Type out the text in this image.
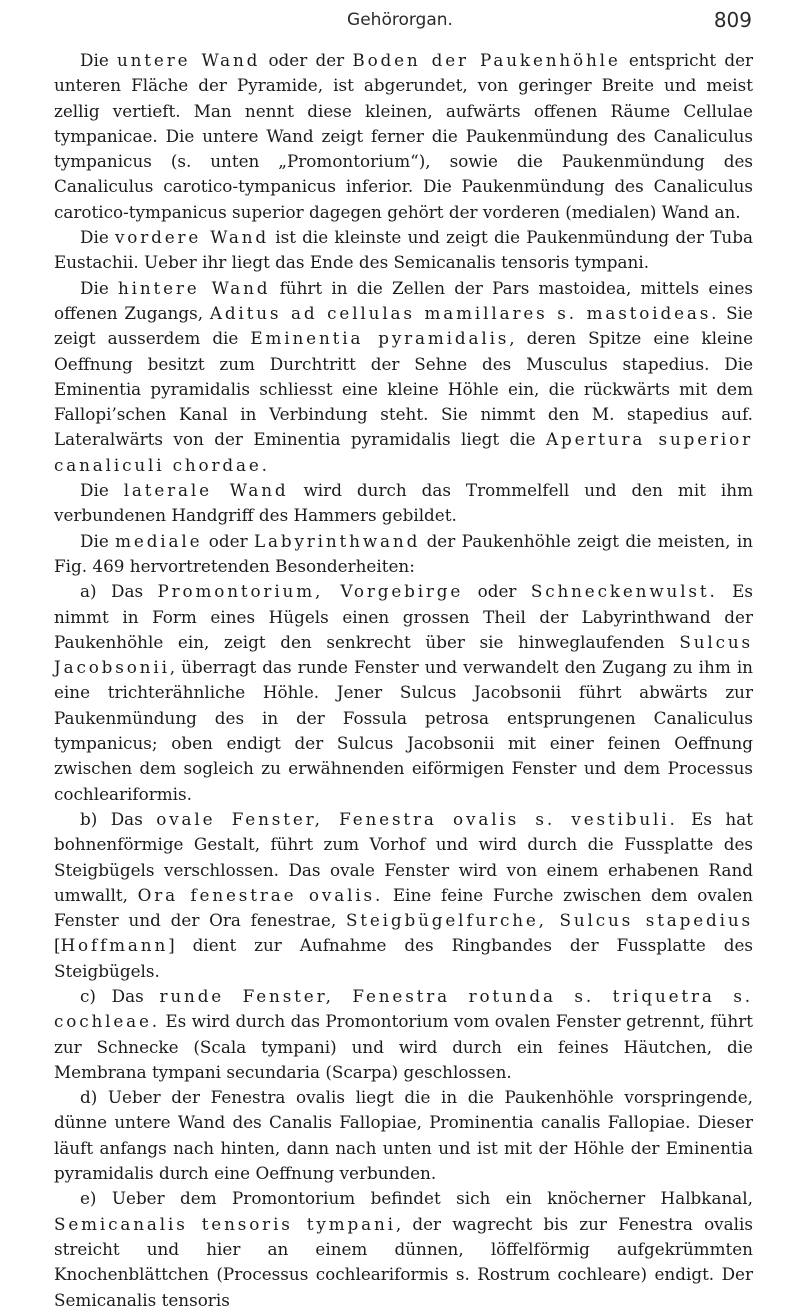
Gehörorgan.	809

Die untere Wand oder der Boden der Paukenhöhle entspricht der unteren Fläche der Pyramide, ist abgerundet, von geringer Breite und meist zellig vertieft. Man nennt diese kleinen, aufwärts offenen Räume Cellulae tympanicae. Die untere Wand zeigt ferner die Paukenmündung des Canaliculus tympanicus (s. unten „Promontorium“), sowie die Paukenmündung des Canaliculus carotico-tympanicus inferior. Die Paukenmündung des Canaliculus carotico-tympanicus superior dagegen gehört der vorderen (medialen) Wand an.

Die vordere Wand ist die kleinste und zeigt die Paukenmündung der Tuba Eustachii. Ueber ihr liegt das Ende des Semicanalis tensoris tympani.

Die hintere Wand führt in die Zellen der Pars mastoidea, mittels eines offenen Zugangs, Aditus ad cellulas mamillares s. mastoideas. Sie zeigt ausserdem die Eminentia pyramidalis, deren Spitze eine kleine Oeffnung besitzt zum Durchtritt der Sehne des Musculus stapedius. Die Eminentia pyramidalis schliesst eine kleine Höhle ein, die rückwärts mit dem Fallopi’schen Kanal in Verbindung steht. Sie nimmt den M. stapedius auf. Lateralwärts von der Eminentia pyramidalis liegt die Apertura superior canaliculi chordae.

Die laterale Wand wird durch das Trommelfell und den mit ihm verbundenen Handgriff des Hammers gebildet.

Die mediale oder Labyrinthwand der Paukenhöhle zeigt die meisten, in Fig. 469 hervortretenden Besonderheiten:

a) Das Promontorium, Vorgebirge oder Schneckenwulst. Es nimmt in Form eines Hügels einen grossen Theil der Labyrinthwand der Paukenhöhle ein, zeigt den senkrecht über sie hinweglaufenden Sulcus Jacobsonii, überragt das runde Fenster und verwandelt den Zugang zu ihm in eine trichterähnliche Höhle. Jener Sulcus Jacobsonii führt abwärts zur Paukenmündung des in der Fossula petrosa entsprungenen Canaliculus tympanicus; oben endigt der Sulcus Jacobsonii mit einer feinen Oeffnung zwischen dem sogleich zu erwähnenden eiförmigen Fenster und dem Processus cochleariformis.

b) Das ovale Fenster, Fenestra ovalis s. vestibuli. Es hat bohnenförmige Gestalt, führt zum Vorhof und wird durch die Fussplatte des Steigbügels verschlossen. Das ovale Fenster wird von einem erhabenen Rand umwallt, Ora fenestrae ovalis. Eine feine Furche zwischen dem ovalen Fenster und der Ora fenestrae, Steigbügelfurche, Sulcus stapedius [Hoffmann] dient zur Aufnahme des Ringbandes der Fussplatte des Steigbügels.

c) Das runde Fenster, Fenestra rotunda s. triquetra s. cochleae. Es wird durch das Promontorium vom ovalen Fenster getrennt, führt zur Schnecke (Scala tympani) und wird durch ein feines Häutchen, die Membrana tympani secundaria (Scarpa) geschlossen.

d) Ueber der Fenestra ovalis liegt die in die Paukenhöhle vorspringende, dünne untere Wand des Canalis Fallopiae, Prominentia canalis Fallopiae. Dieser läuft anfangs nach hinten, dann nach unten und ist mit der Höhle der Eminentia pyramidalis durch eine Oeffnung verbunden.

e) Ueber dem Promontorium befindet sich ein knöcherner Halbkanal, Semicanalis tensoris tympani, der wagrecht bis zur Fenestra ovalis streicht und hier an einem dünnen, löffelförmig aufgekrümmten Knochenblättchen (Processus cochleariformis s. Rostrum cochleare) endigt. Der Semicanalis tensoris
